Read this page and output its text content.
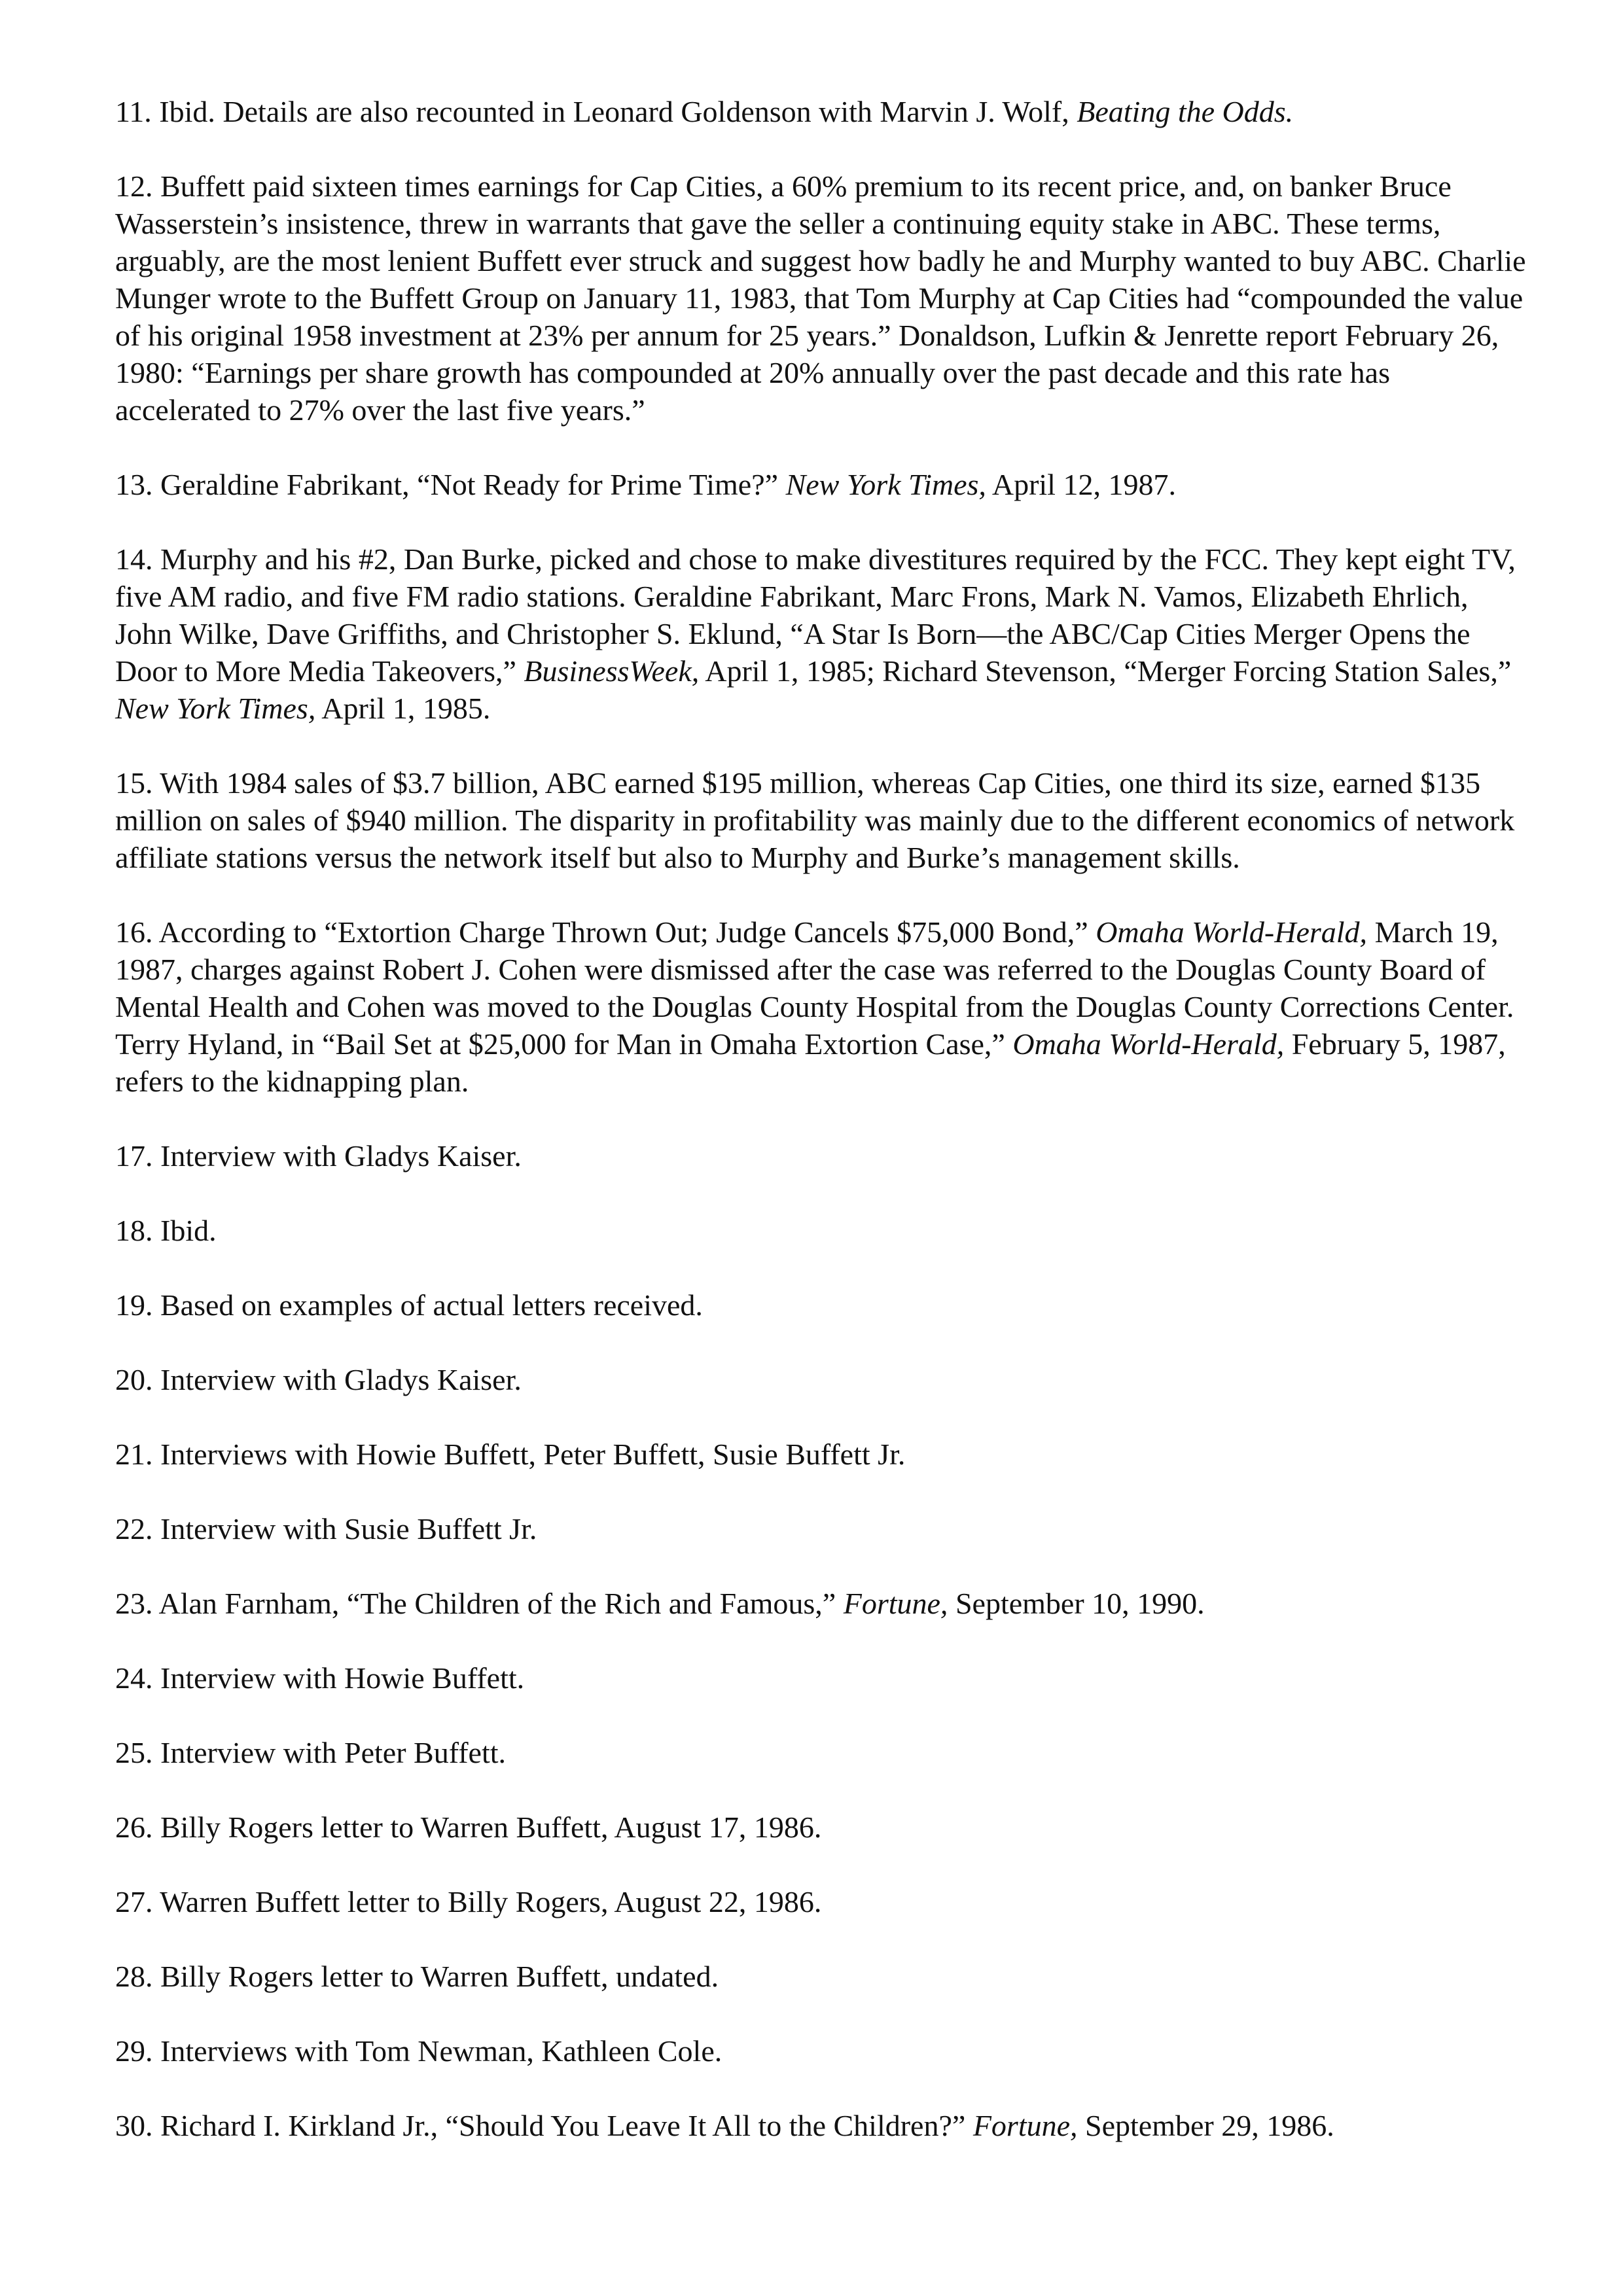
11. Ibid. Details are also recounted in Leonard Goldenson with Marvin J. Wolf, Beating the Odds.
12. Buffett paid sixteen times earnings for Cap Cities, a 60% premium to its recent price, and, on banker Bruce Wasserstein’s insistence, threw in warrants that gave the seller a continuing equity stake in ABC. These terms, arguably, are the most lenient Buffett ever struck and suggest how badly he and Murphy wanted to buy ABC. Charlie Munger wrote to the Buffett Group on January 11, 1983, that Tom Murphy at Cap Cities had “compounded the value of his original 1958 investment at 23% per annum for 25 years.” Donaldson, Lufkin & Jenrette report February 26, 1980: “Earnings per share growth has compounded at 20% annually over the past decade and this rate has accelerated to 27% over the last five years.”
13. Geraldine Fabrikant, “Not Ready for Prime Time?” New York Times, April 12, 1987.
14. Murphy and his #2, Dan Burke, picked and chose to make divestitures required by the FCC. They kept eight TV, five AM radio, and five FM radio stations. Geraldine Fabrikant, Marc Frons, Mark N. Vamos, Elizabeth Ehrlich, John Wilke, Dave Griffiths, and Christopher S. Eklund, “A Star Is Born—the ABC/Cap Cities Merger Opens the Door to More Media Takeovers,” BusinessWeek, April 1, 1985; Richard Stevenson, “Merger Forcing Station Sales,” New York Times, April 1, 1985.
15. With 1984 sales of $3.7 billion, ABC earned $195 million, whereas Cap Cities, one third its size, earned $135 million on sales of $940 million. The disparity in profitability was mainly due to the different economics of network affiliate stations versus the network itself but also to Murphy and Burke’s management skills.
16. According to “Extortion Charge Thrown Out; Judge Cancels $75,000 Bond,” Omaha World-Herald, March 19, 1987, charges against Robert J. Cohen were dismissed after the case was referred to the Douglas County Board of Mental Health and Cohen was moved to the Douglas County Hospital from the Douglas County Corrections Center. Terry Hyland, in “Bail Set at $25,000 for Man in Omaha Extortion Case,” Omaha World-Herald, February 5, 1987, refers to the kidnapping plan.
17. Interview with Gladys Kaiser.
18. Ibid.
19. Based on examples of actual letters received.
20. Interview with Gladys Kaiser.
21. Interviews with Howie Buffett, Peter Buffett, Susie Buffett Jr.
22. Interview with Susie Buffett Jr.
23. Alan Farnham, “The Children of the Rich and Famous,” Fortune, September 10, 1990.
24. Interview with Howie Buffett.
25. Interview with Peter Buffett.
26. Billy Rogers letter to Warren Buffett, August 17, 1986.
27. Warren Buffett letter to Billy Rogers, August 22, 1986.
28. Billy Rogers letter to Warren Buffett, undated.
29. Interviews with Tom Newman, Kathleen Cole.
30. Richard I. Kirkland Jr., “Should You Leave It All to the Children?” Fortune, September 29, 1986.
